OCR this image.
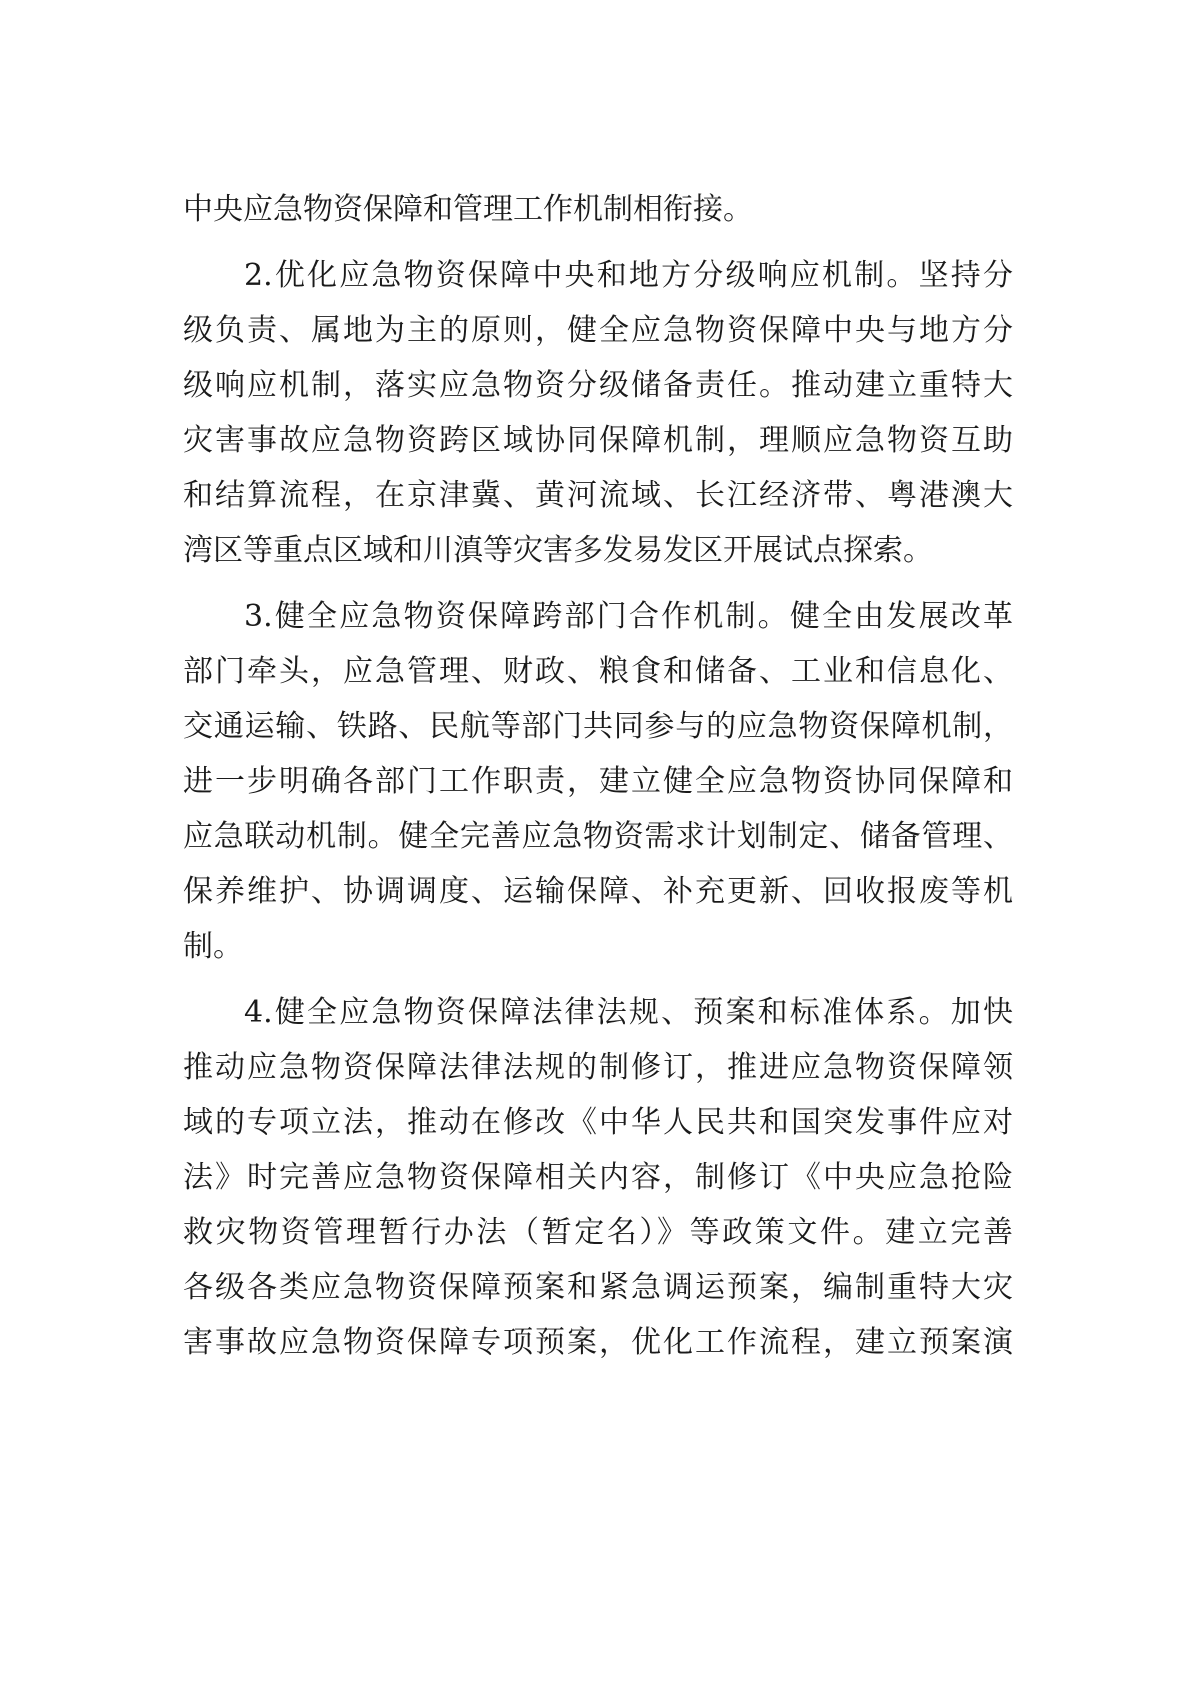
中央应急物资保障和管理工作机制相衔接。
2.优化应急物资保障中央和地方分级响应机制。坚持分
级负责、属地为主的原则，健全应急物资保障中央与地方分
级响应机制，落实应急物资分级储备责任。推动建立重特大
灾害事故应急物资跨区域协同保障机制，理顺应急物资互助
和结算流程，在京津冀、黄河流域、长江经济带、粤港澳大
湾区等重点区域和川滇等灾害多发易发区开展试点探索。
3.健全应急物资保障跨部门合作机制。健全由发展改革
部门牵头，应急管理、财政、粮食和储备、工业和信息化、
交通运输、铁路、民航等部门共同参与的应急物资保障机制，
进一步明确各部门工作职责，建立健全应急物资协同保障和
应急联动机制。健全完善应急物资需求计划制定、储备管理、
保养维护、协调调度、运输保障、补充更新、回收报废等机
制。
4.健全应急物资保障法律法规、预案和标准体系。加快
推动应急物资保障法律法规的制修订，推进应急物资保障领
域的专项立法，推动在修改《中华人民共和国突发事件应对
法》时完善应急物资保障相关内容，制修订《中央应急抢险
救灾物资管理暂行办法（暂定名）》等政策文件。建立完善
各级各类应急物资保障预案和紧急调运预案，编制重特大灾
害事故应急物资保障专项预案，优化工作流程，建立预案演
